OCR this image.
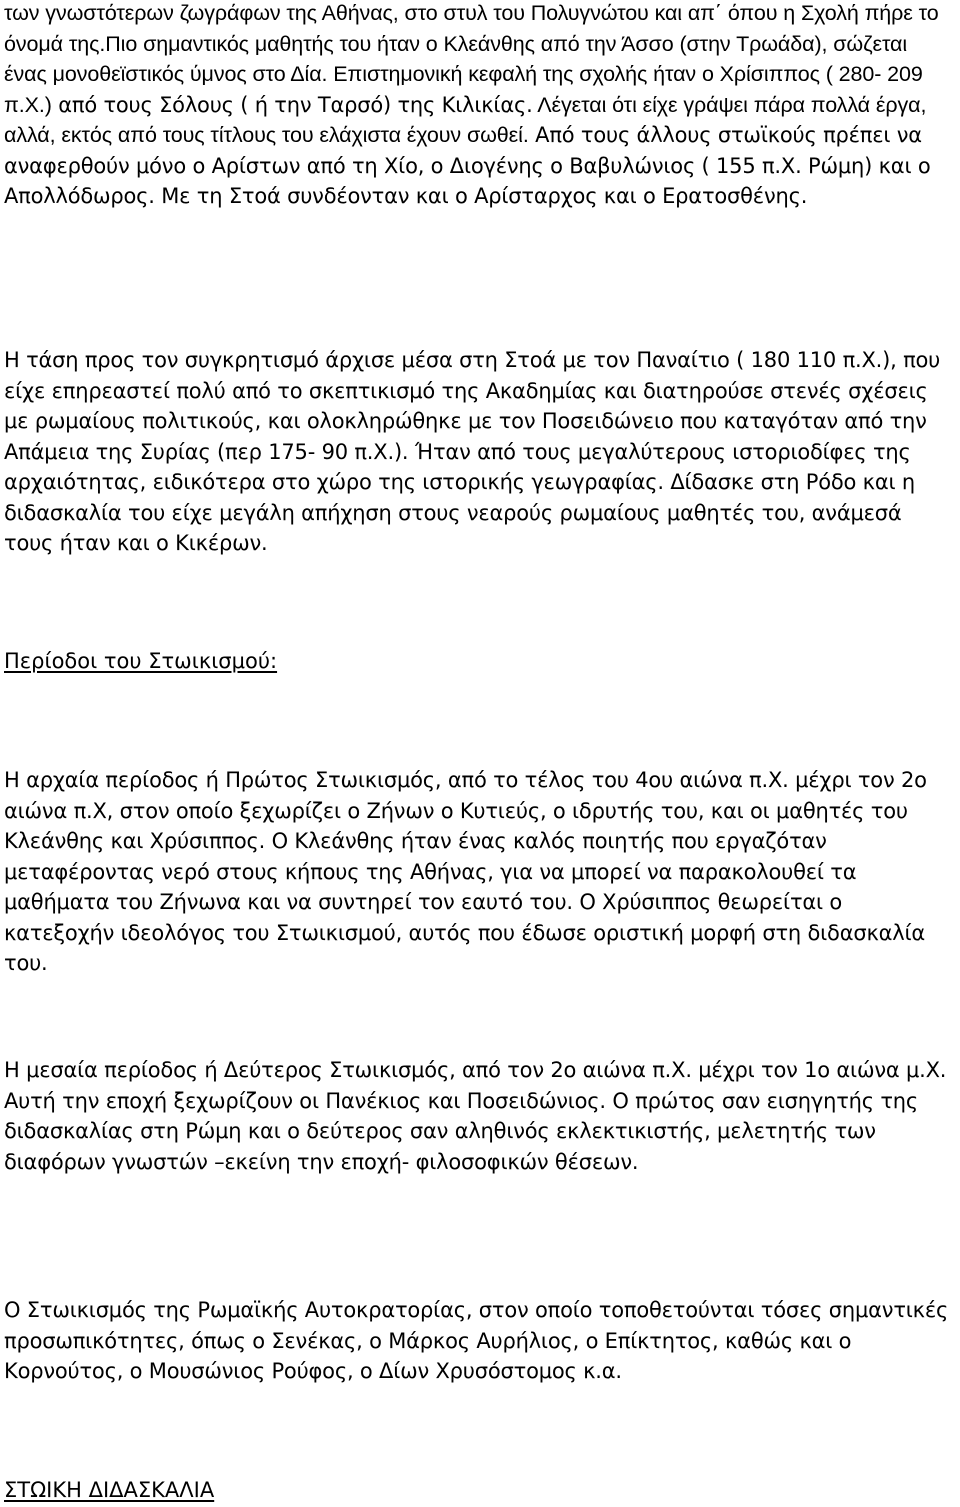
των γνωστότερων ζωγράφων της Αθήνας, στο στυλ του Πολυγνώτου και απ΄ όπου η Σχολή πήρε το όνομά της.Πιο σημαντικός μαθητής του ήταν ο Κλεάνθης από την Άσσο (στην Τρωάδα), σώζεται ένας μονοθεϊστικός ύμνος στο Δία. Επιστημονική κεφαλή της σχολής ήταν ο Χρίσιππος ( 280- 209 π.Χ.) από τους Σόλους ( ή την Ταρσό) της Κιλικίας. Λέγεται ότι είχε γράψει πάρα πολλά έργα, αλλά, εκτός από τους τίτλους του ελάχιστα έχουν σωθεί. Από τους άλλους στωϊκούς πρέπει να αναφερθούν μόνο ο Αρίστων από τη Χίο, ο Διογένης ο Βαβυλώνιος ( 155 π.Χ. Ρώμη) και ο Απολλόδωρος. Με τη Στοά συνδέονταν και ο Αρίσταρχος και ο Ερατοσθένης.

Η τάση προς τον συγκρητισμό άρχισε μέσα στη Στοά με τον Παναίτιο ( 180 110 π.Χ.), που είχε επηρεαστεί πολύ από το σκεπτικισμό της Ακαδημίας και διατηρούσε στενές σχέσεις με ρωμαίους πολιτικούς, και ολοκληρώθηκε με τον Ποσειδώνειο που καταγόταν από την Απάμεια της Συρίας (περ 175- 90 π.Χ.). Ήταν από τους μεγαλύτερους ιστοριοδίφες της αρχαιότητας, ειδικότερα στο χώρο της ιστορικής γεωγραφίας. Δίδασκε στη Ρόδο και η διδασκαλία του είχε μεγάλη απήχηση στους νεαρούς ρωμαίους μαθητές του, ανάμεσά τους ήταν και ο Κικέρων.

Περίοδοι του Στωικισμού:

Η αρχαία περίοδος ή Πρώτος Στωικισμός, από το τέλος του 4ου αιώνα π.Χ. μέχρι τον 2ο αιώνα π.Χ, στον οποίο ξεχωρίζει ο Ζήνων ο Κυτιεύς, ο ιδρυτής του, και οι μαθητές του Κλεάνθης και Χρύσιππος. Ο Κλεάνθης ήταν ένας καλός ποιητής που εργαζόταν μεταφέροντας νερό στους κήπους της Αθήνας, για να μπορεί να παρακολουθεί τα μαθήματα του Ζήνωνα και να συντηρεί τον εαυτό του. Ο Χρύσιππος θεωρείται ο κατεξοχήν ιδεολόγος του Στωικισμού, αυτός που έδωσε οριστική μορφή στη διδασκαλία του.

Η μεσαία περίοδος ή Δεύτερος Στωικισμός, από τον 2ο αιώνα π.Χ. μέχρι τον 1ο αιώνα μ.Χ. Αυτή την εποχή ξεχωρίζουν οι Πανέκιος και Ποσειδώνιος. Ο πρώτος σαν εισηγητής της διδασκαλίας στη Ρώμη και ο δεύτερος σαν αληθινός εκλεκτικιστής, μελετητής των διαφόρων γνωστών –εκείνη την εποχή- φιλοσοφικών θέσεων.

Ο Στωικισμός της Ρωμαϊκής Αυτοκρατορίας, στον οποίο τοποθετούνται τόσες σημαντικές προσωπικότητες, όπως ο Σενέκας, ο Μάρκος Αυρήλιος, ο Επίκτητος, καθώς και ο Κορνούτος, ο Μουσώνιος Ρούφος, ο Δίων Χρυσόστομος κ.α.

ΣΤΩΙΚΗ ΔΙΔΑΣΚΑΛΙΑ
